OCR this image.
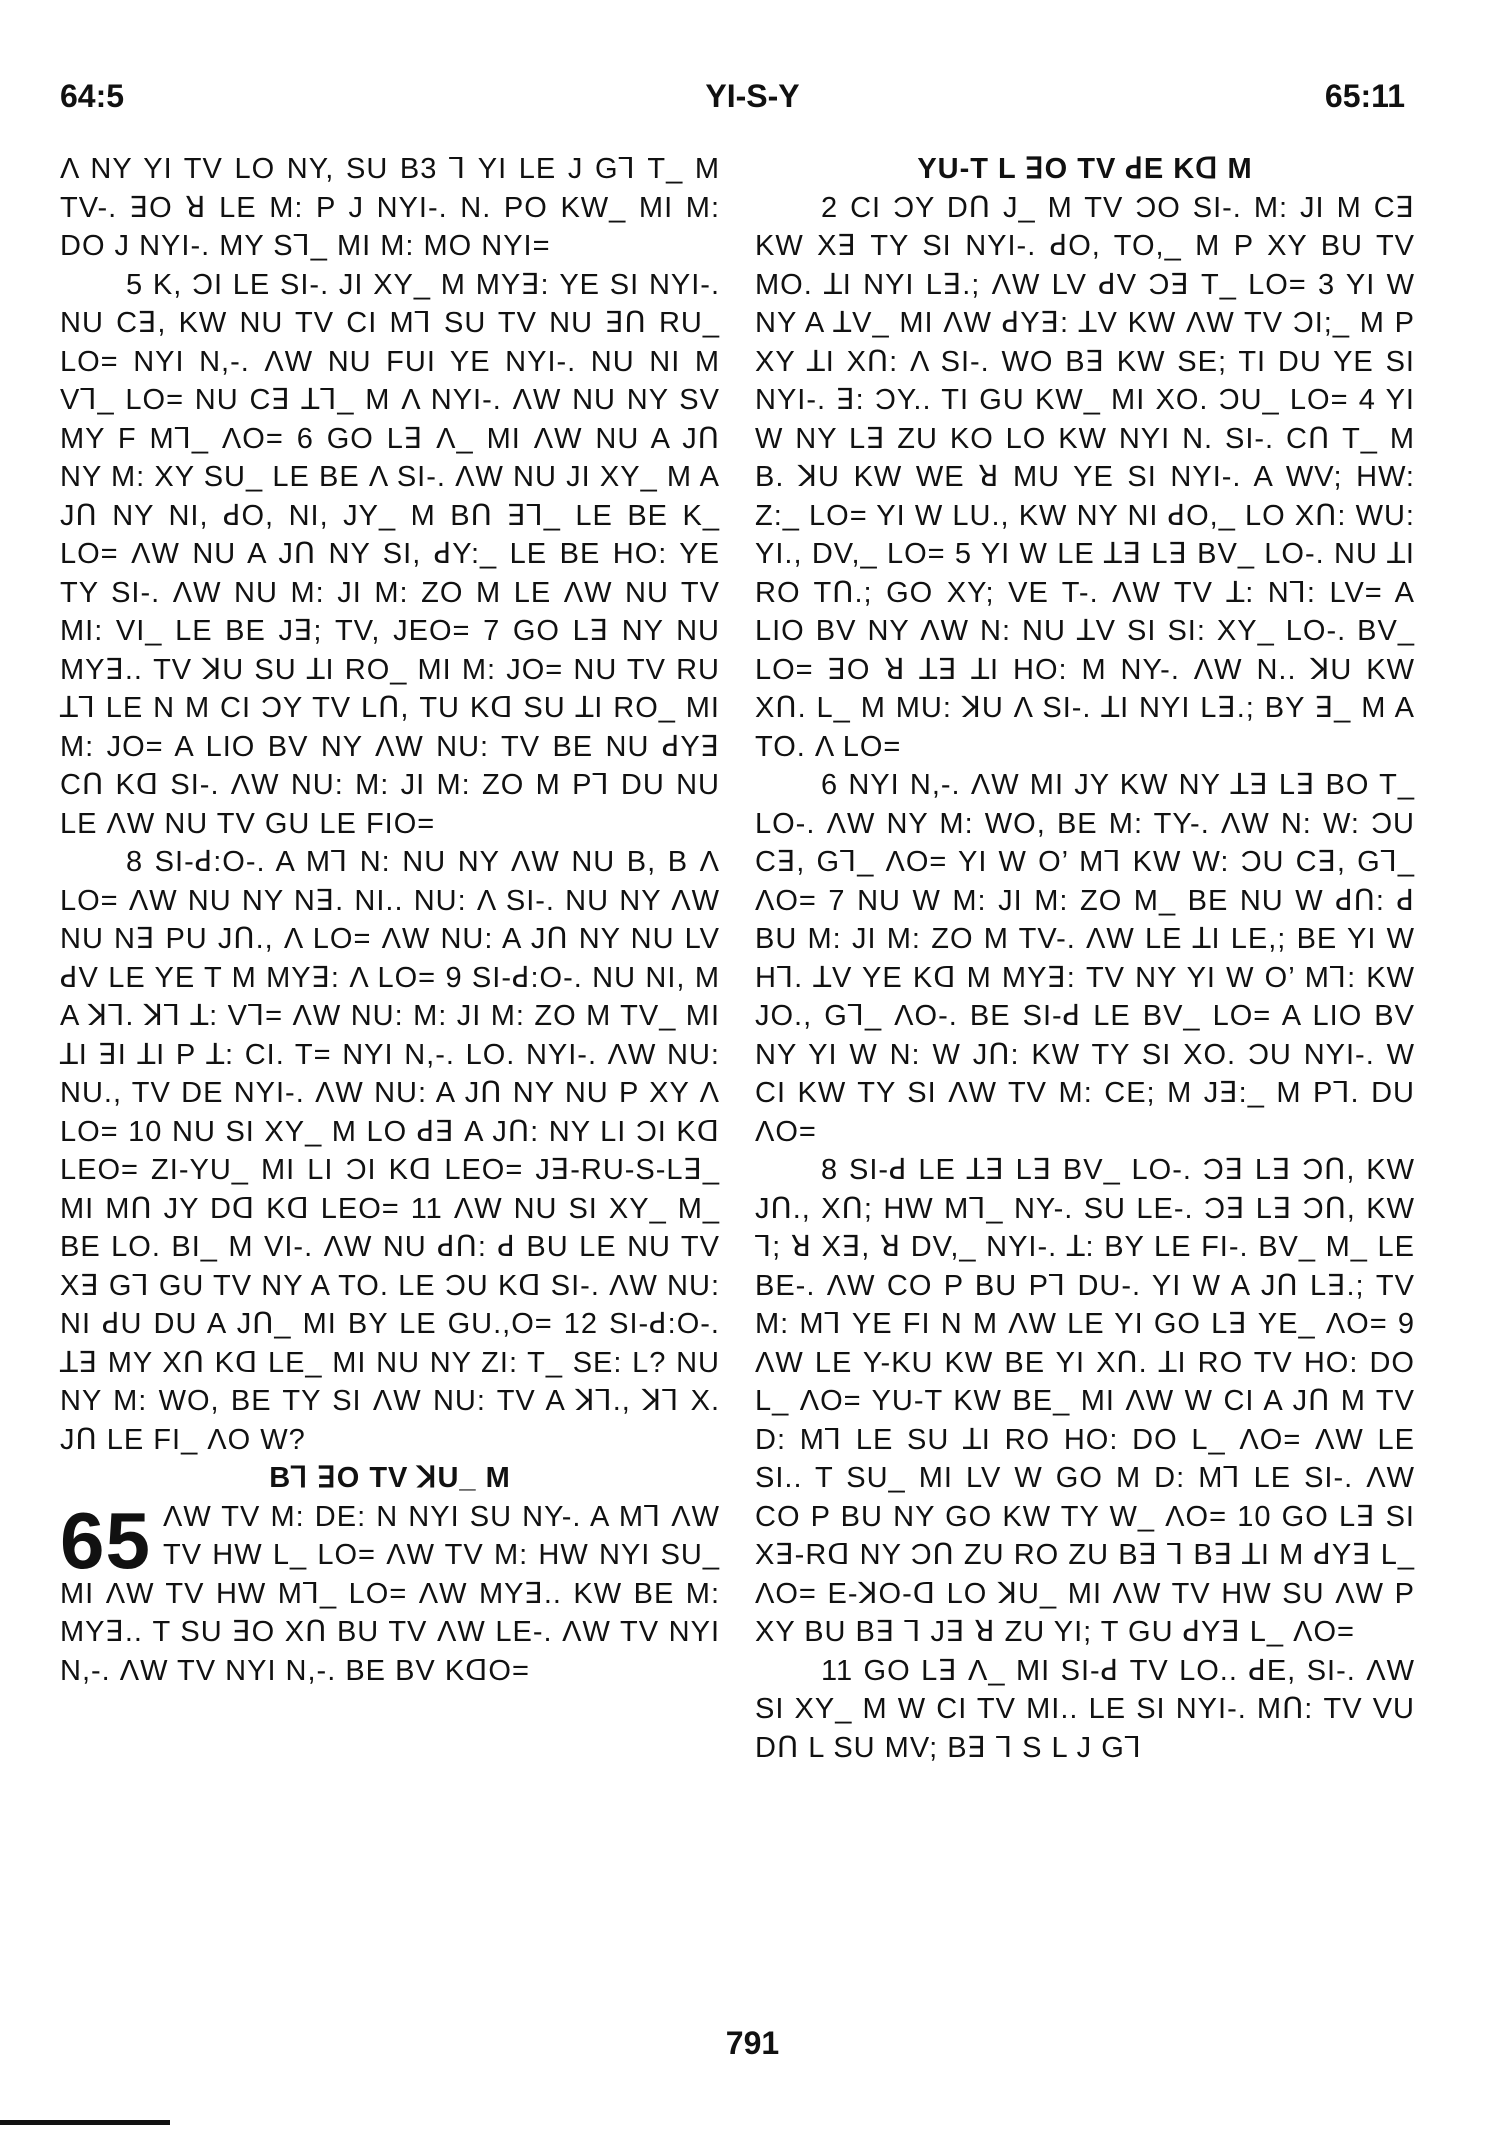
64:5	YI-S-Y	65:11

Λ NY YI TV LO NY, SU B3 ꓶ YI LE J Gꓶ T_ M TV-. ꓱO ꓤ LE M: P J NYI-. N. PO KW_ MI M: DO J NYI-. MY Sꓶ_ MI M: MO NYI=

5 K, ƆI LE SI-. JI XY_ M MYꓱ: YE SI NYI-. NU Cꓱ, KW NU TV CI Mꓶ SU TV NU ꓱՈ RU_ LO= NYI N,-. ΛW NU FUI YE NYI-. NU NI M Vꓶ_ LO= NU Cꓱ ꓕꓶ_ M Λ NYI-. ΛW NU NY SV MY F Mꓶ_ ΛO= 6 GO Lꓱ Λ_ MI ΛW NU A JՈ NY M: XY SU_ LE BE Λ SI-. ΛW NU JI XY_ M A JՈ NY NI, ꓒO, NI, JY_ M BՈ ꓱꓶ_ LE BE K_ LO= ΛW NU A JՈ NY SI, ꓒY:_ LE BE HO: YE TY SI-. ΛW NU M: JI M: ZO M LE ΛW NU TV MI: VI_ LE BE Jꓱ; TV, JEO= 7 GO Lꓱ NY NU MYꓱ.. TV ꓘU SU ꓕI RO_ MI M: JO= NU TV RU ꓕꓶ LE N M CI ƆY TV LՈ, TU Kꓷ SU ꓕI RO_ MI M: JO= A LIO BV NY ΛW NU: TV BE NU ꓒYꓱ CՈ Kꓷ SI-. ΛW NU: M: JI M: ZO M Pꓶ DU NU LE ΛW NU TV GU LE FIO=

8 SI-ꓒ:O-. A Mꓶ N: NU NY ΛW NU B, B Λ LO= ΛW NU NY Nꓱ. NI.. NU: Λ SI-. NU NY ΛW NU Nꓱ PU JՈ., Λ LO= ΛW NU: A JՈ NY NU LV ꓒV LE YE T M MYꓱ: Λ LO= 9 SI-ꓒ:O-. NU NI, M A ꓘꓶ. ꓘꓶ ꓕ: Vꓶ= ΛW NU: M: JI M: ZO M TV_ MI ꓕI ꓱI ꓕI P ꓕ: CI. T= NYI N,-. LO. NYI-. ΛW NU: NU., TV DE NYI-. ΛW NU: A JՈ NY NU P XY Λ LO= 10 NU SI XY_ M LO ꓒꓱ A JՈ: NY LI ƆI Kꓷ LEO= ZI-YU_ MI LI ƆI Kꓷ LEO= Jꓱ-RU-S-Lꓱ_ MI MՈ JY Dꓷ Kꓷ LEO= 11 ΛW NU SI XY_ M_ BE LO. BI_ M VI-. ΛW NU ꓒՈ: ꓒ BU LE NU TV Xꓱ Gꓶ GU TV NY A TO. LE ƆU Kꓷ SI-. ΛW NU: NI ꓒU DU A JՈ_ MI BY LE GU.,O= 12 SI-ꓒ:O-. ꓕꓱ MY XՈ Kꓷ LE_ MI NU NY ZI: T_ SE: L? NU NY M: WO, BE TY SI ΛW NU: TV A ꓘꓶ., ꓘꓶ X. JՈ LE FI_ ΛO W?

Bꓶ ꓱO TV ꓘU_ M

65 ΛW TV M: DE: N NYI SU NY-. A Mꓶ ΛW TV HW L_ LO= ΛW TV M: HW NYI SU_ MI ΛW TV HW Mꓶ_ LO= ΛW MYꓱ.. KW BE M: MYꓱ.. T SU ꓱO XՈ BU TV ΛW LE-. ΛW TV NYI N,-. ΛW TV NYI N,-. BE BV KꓷO=

YU-T L ꓱO TV ꓒE Kꓷ M

2 CI ƆY DՈ J_ M TV ƆO SI-. M: JI M Cꓱ KW Xꓱ TY SI NYI-. ꓒO, TO,_ M P XY BU TV MO. ꓕI NYI Lꓱ.; ΛW LV ꓒV Ɔꓱ T_ LO= 3 YI W NY A ꓕV_ MI ΛW ꓒYꓱ: ꓕV KW ΛW TV ƆI;_ M P XY ꓕI XՈ: Λ SI-. WO Bꓱ KW SE; TI DU YE SI NYI-. ꓱ: ƆY.. TI GU KW_ MI XO. ƆU_ LO= 4 YI W NY Lꓱ ZU KO LO KW NYI N. SI-. CՈ T_ M B. ꓘU KW WE ꓤ MU YE SI NYI-. A WV; HW: Z:_ LO= YI W LU., KW NY NI ꓒO,_ LO XՈ: WU: YI., DV,_ LO= 5 YI W LE ꓕꓱ Lꓱ BV_ LO-. NU ꓕI RO TՈ.; GO XY; VE T-. ΛW TV ꓕ: Nꓶ: LV= A LIO BV NY ΛW N: NU ꓕV SI SI: XY_ LO-. BV_ LO= ꓱO ꓤ ꓕꓱ ꓕI HO: M NY-. ΛW N.. ꓘU KW XՈ. L_ M MU: ꓘU Λ SI-. ꓕI NYI Lꓱ.; BY ꓱ_ M A TO. Λ LO=

6 NYI N,-. ΛW MI JY KW NY ꓕꓱ Lꓱ BO T_ LO-. ΛW NY M: WO, BE M: TY-. ΛW N: W: ƆU Cꓱ, Gꓶ_ ΛO= YI W O’ Mꓶ KW W: ƆU Cꓱ, Gꓶ_ ΛO= 7 NU W M: JI M: ZO M_ BE NU W ꓒՈ: ꓒ BU M: JI M: ZO M TV-. ΛW LE ꓕI LE,; BE YI W Hꓶ. ꓕV YE Kꓷ M MYꓱ: TV NY YI W O’ Mꓶ: KW JO., Gꓶ_ ΛO-. BE SI-ꓒ LE BV_ LO= A LIO BV NY YI W N: W JՈ: KW TY SI XO. ƆU NYI-. W CI KW TY SI ΛW TV M: CE; M Jꓱ:_ M Pꓶ. DU ΛO=

8 SI-ꓒ LE ꓕꓱ Lꓱ BV_ LO-. Ɔꓱ Lꓱ ƆՈ, KW JՈ., XՈ; HW Mꓶ_ NY-. SU LE-. Ɔꓱ Lꓱ ƆՈ, KW ꓶ; ꓤ Xꓱ, ꓤ DV,_ NYI-. ꓕ: BY LE FI-. BV_ M_ LE BE-. ΛW CO P BU Pꓶ DU-. YI W A JՈ Lꓱ.; TV M: Mꓶ YE FI N M ΛW LE YI GO Lꓱ YE_ ΛO= 9 ΛW LE Y-KU KW BE YI XՈ. ꓕI RO TV HO: DO L_ ΛO= YU-T KW BE_ MI ΛW W CI A JՈ M TV D: Mꓶ LE SU ꓕI RO HO: DO L_ ΛO= ΛW LE SI.. T SU_ MI LV W GO M D: Mꓶ LE SI-. ΛW CO P BU NY GO KW TY W_ ΛO= 10 GO Lꓱ SI Xꓱ-Rꓷ NY ƆՈ ZU RO ZU Bꓱ ꓶ Bꓱ ꓕI M ꓒYꓱ L_ ΛO= E-ꓘO-ꓷ LO ꓘU_ MI ΛW TV HW SU ΛW P XY BU Bꓱ ꓶ Jꓱ ꓤ ZU YI; T GU ꓒYꓱ L_ ΛO=

11 GO Lꓱ Λ_ MI SI-ꓒ TV LO.. ꓒE, SI-. ΛW SI XY_ M W CI TV MI.. LE SI NYI-. MՈ: TV VU DՈ L SU MV; Bꓱ ꓶ S L J Gꓶ

791
